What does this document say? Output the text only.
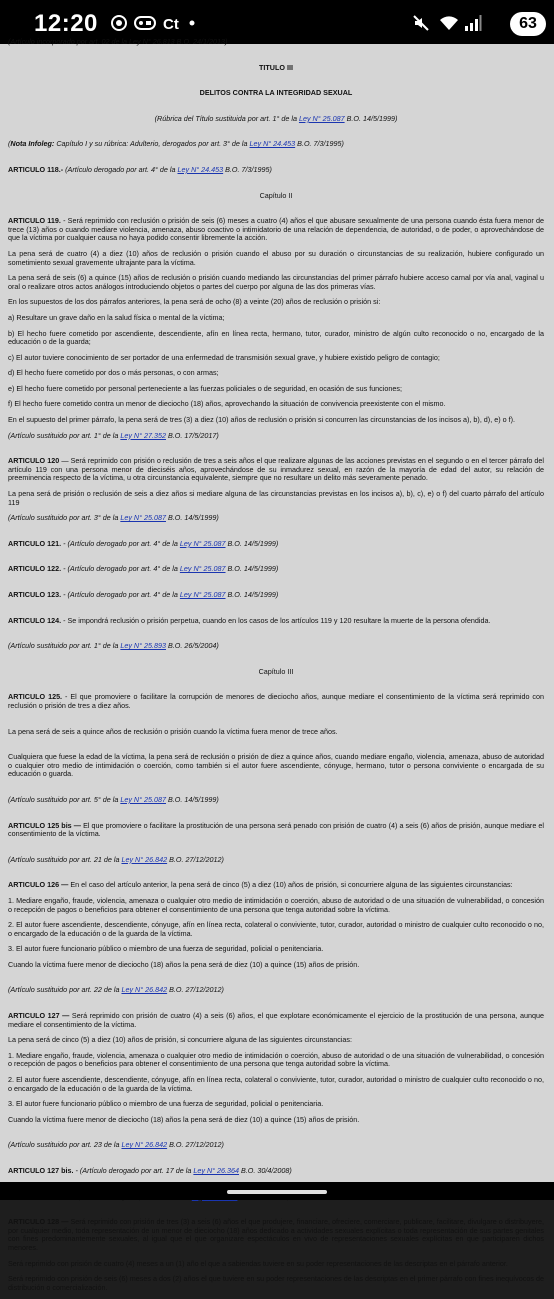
12:20	Ct	63

(Artículo incorporado por art. 02 de la Ley N° 26.813 B.O. 24/1/2013)

TITULO III

DELITOS CONTRA LA INTEGRIDAD SEXUAL

(Rúbrica del Título sustituida por art. 1° de la Ley N° 25.087 B.O. 14/5/1999)

(Nota Infoleg: Capítulo I y su rúbrica: Adulterio, derogados por art. 3° de la Ley N° 24.453 B.O. 7/3/1995)

ARTICULO 118.- (Artículo derogado por art. 4° de la Ley N° 24.453 B.O. 7/3/1995)

Capítulo II

ARTICULO 119. - Será reprimido con reclusión o prisión de seis (6) meses a cuatro (4) años el que abusare sexualmente de una persona cuando ésta fuera menor de trece (13) años o cuando mediare violencia, amenaza, abuso coactivo o intimidatorio de una relación de dependencia, de autoridad, o de poder, o aprovechándose de que la víctima por cualquier causa no haya podido consentir libremente la acción.

La pena será de cuatro (4) a diez (10) años de reclusión o prisión cuando el abuso por su duración o circunstancias de su realización, hubiere configurado un sometimiento sexual gravemente ultrajante para la víctima.

La pena será de seis (6) a quince (15) años de reclusión o prisión cuando mediando las circunstancias del primer párrafo hubiere acceso carnal por vía anal, vaginal u oral o realizare otros actos análogos introduciendo objetos o partes del cuerpo por alguna de las dos primeras vías.

En los supuestos de los dos párrafos anteriores, la pena será de ocho (8) a veinte (20) años de reclusión o prisión si:

a) Resultare un grave daño en la salud física o mental de la víctima;

b) El hecho fuere cometido por ascendiente, descendiente, afín en línea recta, hermano, tutor, curador, ministro de algún culto reconocido o no, encargado de la educación o de la guarda;

c) El autor tuviere conocimiento de ser portador de una enfermedad de transmisión sexual grave, y hubiere existido peligro de contagio;

d) El hecho fuere cometido por dos o más personas, o con armas;

e) El hecho fuere cometido por personal perteneciente a las fuerzas policiales o de seguridad, en ocasión de sus funciones;

f) El hecho fuere cometido contra un menor de dieciocho (18) años, aprovechando la situación de convivencia preexistente con el mismo.

En el supuesto del primer párrafo, la pena será de tres (3) a diez (10) años de reclusión o prisión si concurren las circunstancias de los incisos a), b), d), e) o f).

(Artículo sustituido por art. 1° de la Ley N° 27.352 B.O. 17/5/2017)

ARTICULO 120 — Será reprimido con prisión o reclusión de tres a seis años el que realizare algunas de las acciones previstas en el segundo o en el tercer párrafo del artículo 119 con una persona menor de dieciséis años, aprovechándose de su inmadurez sexual, en razón de la mayoría de edad del autor, su relación de preeminencia respecto de la víctima, u otra circunstancia equivalente, siempre que no resultare un delito más severamente penado.

La pena será de prisión o reclusión de seis a diez años si mediare alguna de las circunstancias previstas en los incisos a), b), c), e) o f) del cuarto párrafo del artículo 119

(Artículo sustituido por art. 3° de la Ley N° 25.087 B.O. 14/5/1999)

ARTICULO 121. - (Artículo derogado por art. 4° de la Ley N° 25.087 B.O. 14/5/1999)

ARTICULO 122. - (Artículo derogado por art. 4° de la Ley N° 25.087 B.O. 14/5/1999)

ARTICULO 123. - (Artículo derogado por art. 4° de la Ley N° 25.087 B.O. 14/5/1999)

ARTICULO 124. - Se impondrá reclusión o prisión perpetua, cuando en los casos de los artículos 119 y 120 resultare la muerte de la persona ofendida.

(Artículo sustituido por art. 1° de la Ley N° 25.893 B.O. 26/5/2004)

Capítulo III

ARTICULO 125. - El que promoviere o facilitare la corrupción de menores de dieciocho años, aunque mediare el consentimiento de la víctima será reprimido con reclusión o prisión de tres a diez años.

La pena será de seis a quince años de reclusión o prisión cuando la víctima fuera menor de trece años.

Cualquiera que fuese la edad de la víctima, la pena será de reclusión o prisión de diez a quince años, cuando mediare engaño, violencia, amenaza, abuso de autoridad o cualquier otro medio de intimidación o coerción, como también si el autor fuere ascendiente, cónyuge, hermano, tutor o persona conviviente o encargada de su educación o guarda.

(Artículo sustituido por art. 5° de la Ley N° 25.087 B.O. 14/5/1999)

ARTICULO 125 bis — El que promoviere o facilitare la prostitución de una persona será penado con prisión de cuatro (4) a seis (6) años de prisión, aunque mediare el consentimiento de la víctima.

(Artículo sustituido por art. 21 de la Ley N° 26.842 B.O. 27/12/2012)

ARTICULO 126 — En el caso del artículo anterior, la pena será de cinco (5) a diez (10) años de prisión, si concurriere alguna de las siguientes circunstancias:

1. Mediare engaño, fraude, violencia, amenaza o cualquier otro medio de intimidación o coerción, abuso de autoridad o de una situación de vulnerabilidad, o concesión o recepción de pagos o beneficios para obtener el consentimiento de una persona que tenga autoridad sobre la víctima.

2. El autor fuere ascendiente, descendiente, cónyuge, afín en línea recta, colateral o conviviente, tutor, curador, autoridad o ministro de cualquier culto reconocido o no, o encargado de la educación o de la guarda de la víctima.

3. El autor fuere funcionario público o miembro de una fuerza de seguridad, policial o penitenciaria.

Cuando la víctima fuere menor de dieciocho (18) años la pena será de diez (10) a quince (15) años de prisión.

(Artículo sustituido por art. 22 de la Ley N° 26.842 B.O. 27/12/2012)

ARTICULO 127 — Será reprimido con prisión de cuatro (4) a seis (6) años, el que explotare económicamente el ejercicio de la prostitución de una persona, aunque mediare el consentimiento de la víctima.

La pena será de cinco (5) a diez (10) años de prisión, si concurriere alguna de las siguientes circunstancias:

1. Mediare engaño, fraude, violencia, amenaza o cualquier otro medio de intimidación o coerción, abuso de autoridad o de una situación de vulnerabilidad, o concesión o recepción de pagos o beneficios para obtener el consentimiento de una persona que tenga autoridad sobre la víctima.

2. El autor fuere ascendiente, descendiente, cónyuge, afín en línea recta, colateral o conviviente, tutor, curador, autoridad o ministro de cualquier culto reconocido o no, o encargado de la educación o de la guarda de la víctima.

3. El autor fuere funcionario público o miembro de una fuerza de seguridad, policial o penitenciaria.

Cuando la víctima fuere menor de dieciocho (18) años la pena será de diez (10) a quince (15) años de prisión.

(Artículo sustituido por art. 23 de la Ley N° 26.842 B.O. 27/12/2012)

ARTICULO 127 bis. - (Artículo derogado por art. 17 de la Ley N° 26.364 B.O. 30/4/2008)

ARTICULO 128 — Será reprimido con prisión de tres (3) a seis (6) años el que produjere, financiare, ofreciere, comerciare, publicare, facilitare, divulgare o distribuyere, por cualquier medio, toda representación de un menor de dieciocho (18) años dedicado a actividades sexuales explícitas o toda representación de sus partes genitales con fines predominantemente sexuales, al igual que el que organizare espectáculos en vivo de representaciones sexuales explícitas en que participaren dichos menores.

Será reprimido con prisión de cuatro (4) meses a un (1) año el que a sabiendas tuviere en su poder representaciones de las descriptas en el párrafo anterior.

Será reprimido con prisión de seis (6) meses a dos (2) años el que tuviere en su poder representaciones de las descriptas en el primer párrafo con fines inequívocos de distribución o comercialización.
